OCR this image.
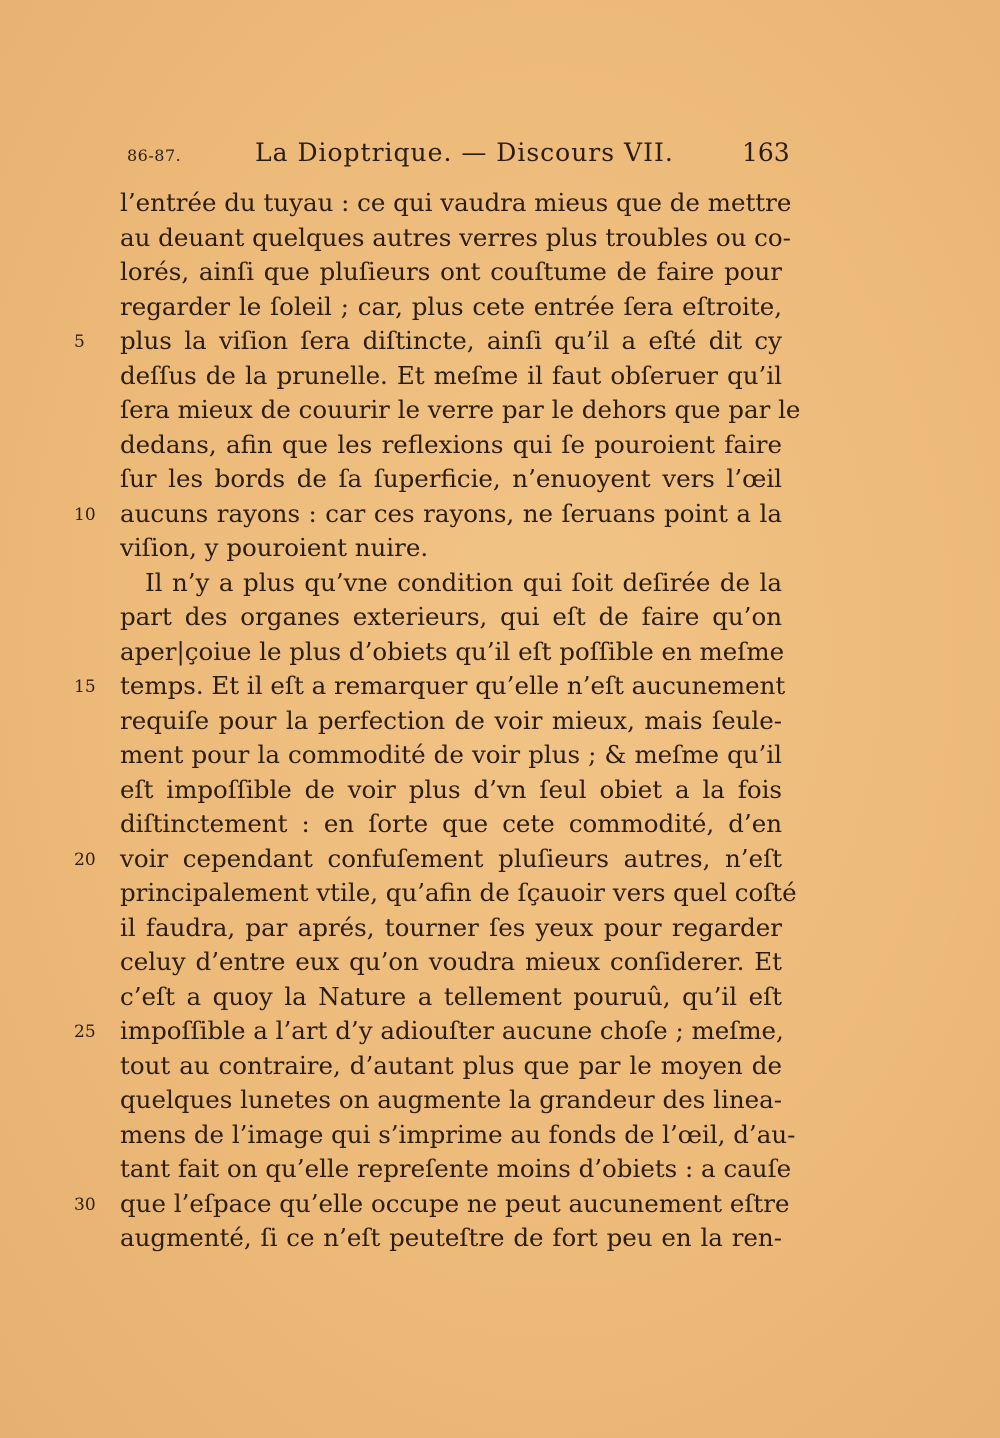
86-87.	La Dioptrique. — Discours VII.	163
l’entrée du tuyau : ce qui vaudra mieus que de mettre
au deuant quelques autres verres plus troubles ou co-
lorés, ainſi que pluſieurs ont couſtume de faire pour
regarder le ſoleil ; car, plus cete entrée ſera eſtroite,
plus la viſion ſera diſtincte, ainſi qu’il a eſté dit cy
deſſus de la prunelle. Et meſme il faut obſeruer qu’il
ſera mieux de couurir le verre par le dehors que par le
dedans, afin que les reflexions qui ſe pouroient faire
ſur les bords de ſa ſuperficie, n’enuoyent vers l’œil
aucuns rayons : car ces rayons, ne ſeruans point a la
viſion, y pouroient nuire.
Il n’y a plus qu’vne condition qui ſoit deſirée de la
part des organes exterieurs, qui eſt de faire qu’on
aper|çoiue le plus d’obiets qu’il eſt poſſible en meſme
temps. Et il eſt a remarquer qu’elle n’eſt aucunement
requiſe pour la perfection de voir mieux, mais ſeule-
ment pour la commodité de voir plus ; & meſme qu’il
eſt impoſſible de voir plus d’vn ſeul obiet a la fois
diſtinctement : en ſorte que cete commodité, d’en
voir cependant confuſement pluſieurs autres, n’eſt
principalement vtile, qu’afin de ſçauoir vers quel coſté
il faudra, par aprés, tourner ſes yeux pour regarder
celuy d’entre eux qu’on voudra mieux conſiderer. Et
c’eſt a quoy la Nature a tellement pouruû, qu’il eſt
impoſſible a l’art d’y adiouſter aucune choſe ; meſme,
tout au contraire, d’autant plus que par le moyen de
quelques lunetes on augmente la grandeur des linea-
mens de l’image qui s’imprime au fonds de l’œil, d’au-
tant fait on qu’elle repreſente moins d’obiets : a cauſe
que l’eſpace qu’elle occupe ne peut aucunement eſtre
augmenté, ſi ce n’eſt peuteſtre de fort peu en la ren-
5
10
15
20
25
30
